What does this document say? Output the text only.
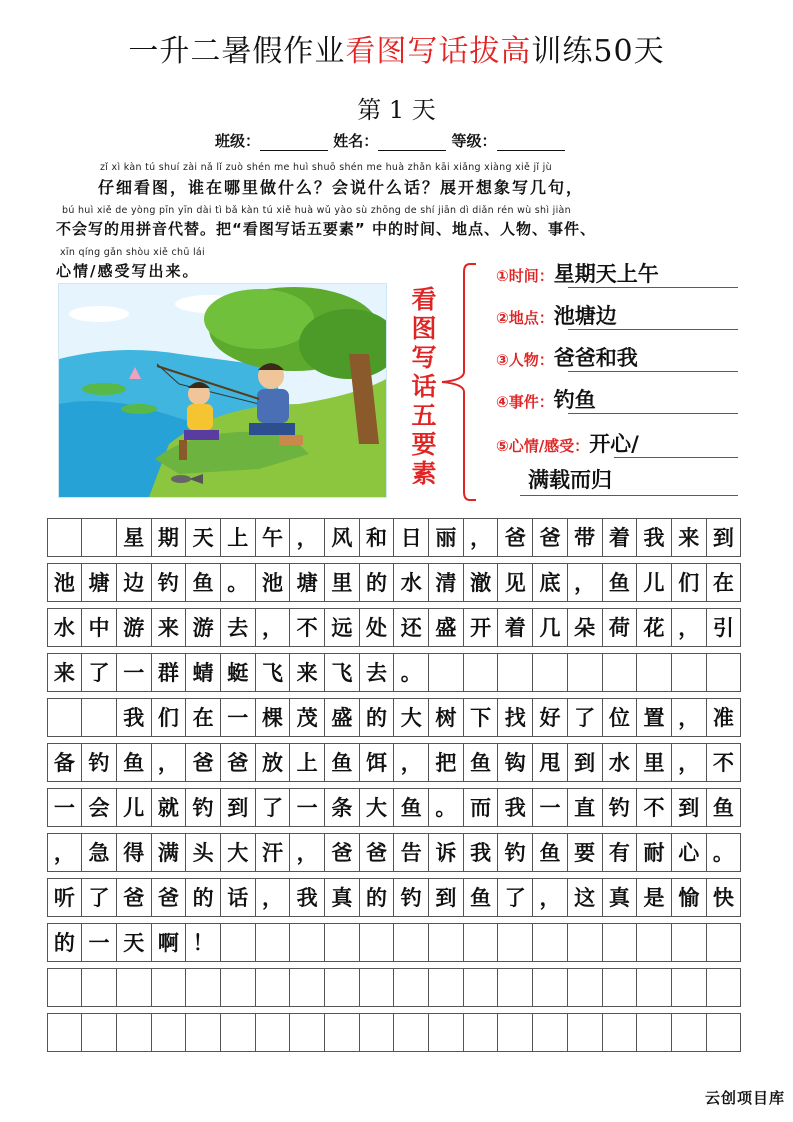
一升二暑假作业看图写话拔高训练50天
第 1 天
班级：	姓名：	等级：
zǐ xì kàn tú shuí zài nǎ lǐ zuò shén me huì shuō shén me huà zhǎn kāi xiǎng xiàng xiě jǐ jù
仔细看图，谁在哪里做什么？会说什么话？展开想象写几句，
bú huì xiě de yòng pīn yīn dài tì bǎ kàn tú xiě huà wǔ yào sù zhōng de shí jiān dì diǎn rén wù shì jiàn
不会写的用拼音代替。把“看图写话五要素” 中的时间、地点、人物、事件、
xīn qíng gǎn shòu xiě chū lái
心情/感受写出来。
看图写话五要素
①时间：星期天上午
②地点：池塘边
③人物：爸爸和我
④事件：钓鱼
⑤心情/感受：开心/
满载而归
星 期 天 上 午 ， 风 和 日 丽 ， 爸 爸 带 着 我 来 到
池 塘 边 钓 鱼 。 池 塘 里 的 水 清 澈 见 底 ， 鱼 儿 们 在
水 中 游 来 游 去 ， 不 远 处 还 盛 开 着 几 朵 荷 花 ， 引
来 了 一 群 蜻 蜓 飞 来 飞 去 。
我 们 在 一 棵 茂 盛 的 大 树 下 找 好 了 位 置 ， 准
备 钓 鱼 ， 爸 爸 放 上 鱼 饵 ， 把 鱼 钩 甩 到 水 里 ， 不
一 会 儿 就 钓 到 了 一 条 大 鱼 。 而 我 一 直 钓 不 到 鱼
， 急 得 满 头 大 汗 ， 爸 爸 告 诉 我 钓 鱼 要 有 耐 心 。
听 了 爸 爸 的 话 ， 我 真 的 钓 到 鱼 了 ， 这 真 是 愉 快
的 一 天 啊 ！
云创项目库
